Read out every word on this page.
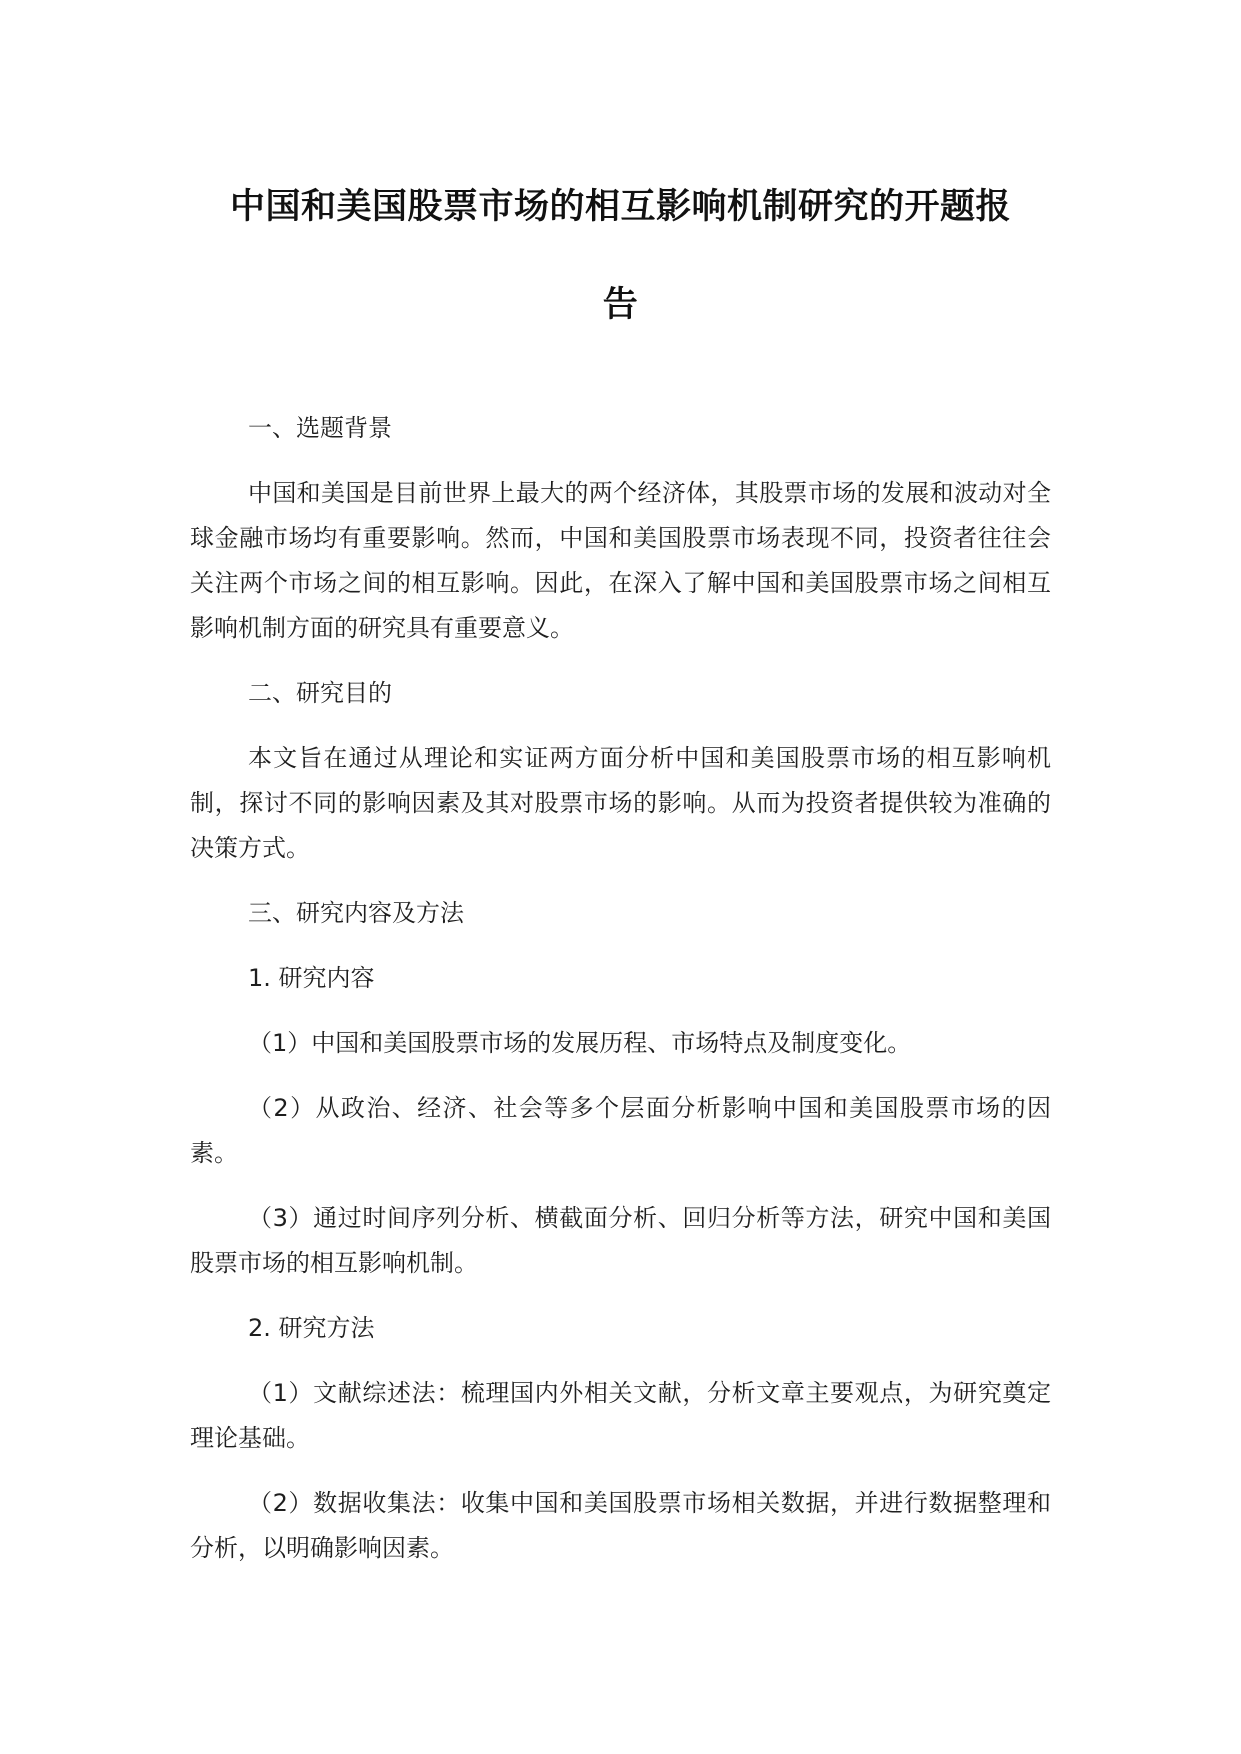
中国和美国股票市场的相互影响机制研究的开题报
告

一、选题背景

中国和美国是目前世界上最大的两个经济体，其股票市场的发展和波动对全球金融市场均有重要影响。然而，中国和美国股票市场表现不同，投资者往往会关注两个市场之间的相互影响。因此，在深入了解中国和美国股票市场之间相互影响机制方面的研究具有重要意义。

二、研究目的

本文旨在通过从理论和实证两方面分析中国和美国股票市场的相互影响机制，探讨不同的影响因素及其对股票市场的影响。从而为投资者提供较为准确的决策方式。

三、研究内容及方法

1. 研究内容

（1）中国和美国股票市场的发展历程、市场特点及制度变化。

（2）从政治、经济、社会等多个层面分析影响中国和美国股票市场的因素。

（3）通过时间序列分析、横截面分析、回归分析等方法，研究中国和美国股票市场的相互影响机制。

2. 研究方法

（1）文献综述法：梳理国内外相关文献，分析文章主要观点，为研究奠定理论基础。

（2）数据收集法：收集中国和美国股票市场相关数据，并进行数据整理和分析，以明确影响因素。
